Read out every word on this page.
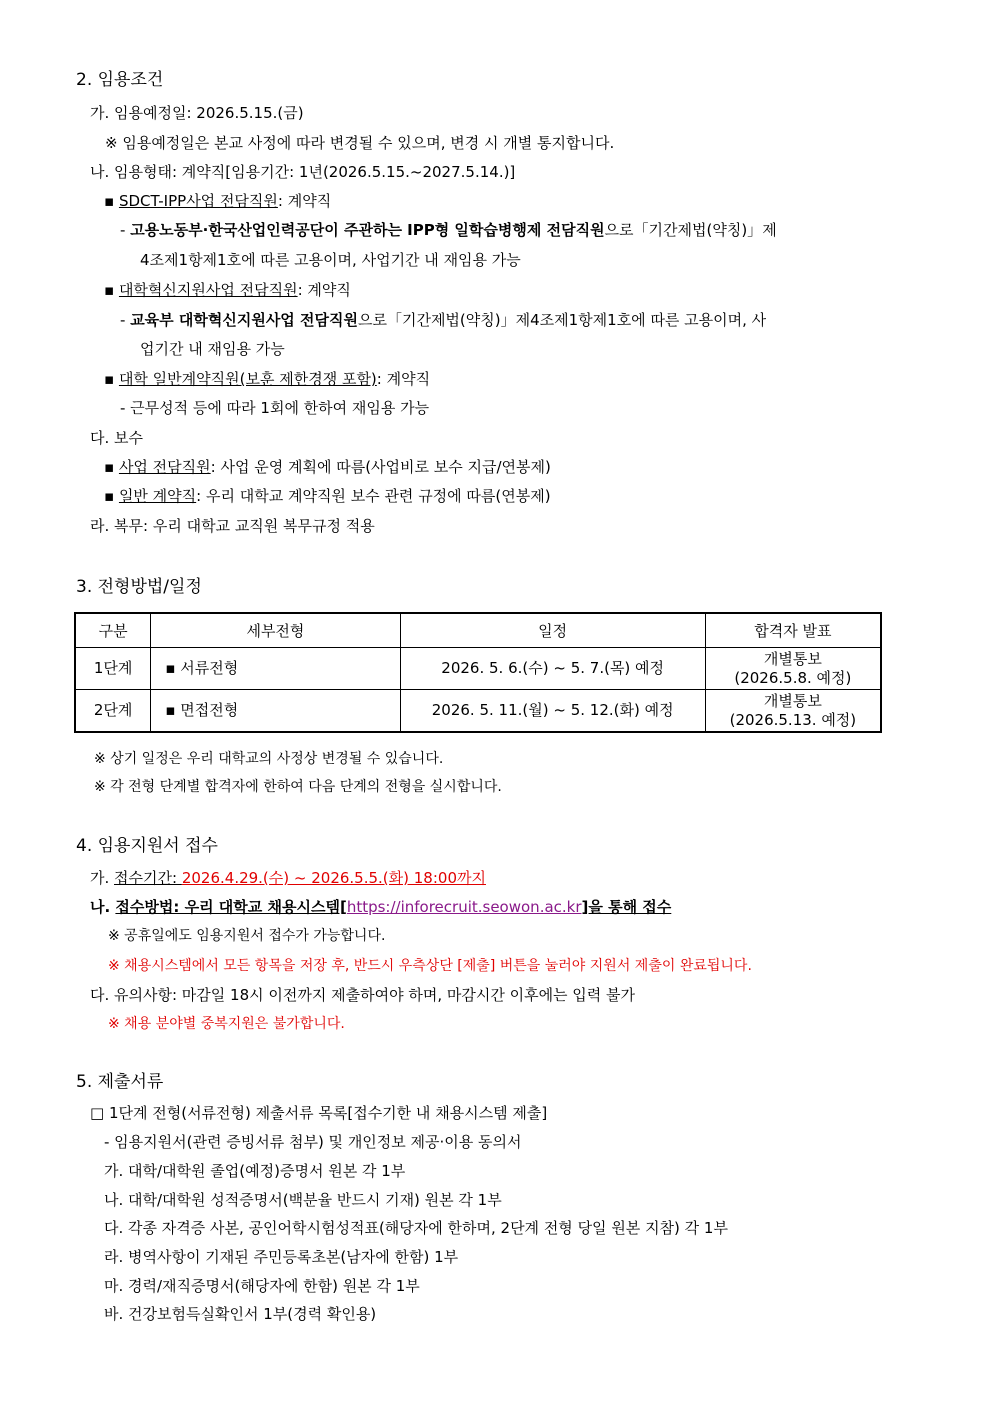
2. 임용조건
가. 임용예정일: 2026.5.15.(금)
※ 임용예정일은 본교 사정에 따라 변경될 수 있으며, 변경 시 개별 통지합니다.
나. 임용형태: 계약직[임용기간: 1년(2026.5.15.~2027.5.14.)]
▪ SDCT-IPP사업 전담직원: 계약직
- 고용노동부·한국산업인력공단이 주관하는 IPP형 일학습병행제 전담직원으로「기간제법(약칭)」제
4조제1항제1호에 따른 고용이며, 사업기간 내 재임용 가능
▪ 대학혁신지원사업 전담직원: 계약직
- 교육부 대학혁신지원사업 전담직원으로「기간제법(약칭)」제4조제1항제1호에 따른 고용이며, 사
업기간 내 재임용 가능
▪ 대학 일반계약직원(보훈 제한경쟁 포함): 계약직
- 근무성적 등에 따라 1회에 한하여 재임용 가능
다. 보수
▪ 사업 전담직원: 사업 운영 계획에 따름(사업비로 보수 지급/연봉제)
▪ 일반 계약직: 우리 대학교 계약직원 보수 관련 규정에 따름(연봉제)
라. 복무: 우리 대학교 교직원 복무규정 적용
3. 전형방법/일정
구분	세부전형	일정	합격자 발표
1단계	▪ 서류전형	2026. 5. 6.(수) ~ 5. 7.(목) 예정	개별통보
(2026.5.8. 예정)

2단계	▪ 면접전형	2026. 5. 11.(월) ~ 5. 12.(화) 예정	개별통보
(2026.5.13. 예정)
※ 상기 일정은 우리 대학교의 사정상 변경될 수 있습니다.
※ 각 전형 단계별 합격자에 한하여 다음 단계의 전형을 실시합니다.
4. 임용지원서 접수
가. 접수기간: 2026.4.29.(수) ~ 2026.5.5.(화) 18:00까지
나. 접수방법: 우리 대학교 채용시스템[https://inforecruit.seowon.ac.kr]을 통해 접수
※ 공휴일에도 임용지원서 접수가 가능합니다.
※ 채용시스템에서 모든 항목을 저장 후, 반드시 우측상단 [제출] 버튼을 눌러야 지원서 제출이 완료됩니다.
다. 유의사항: 마감일 18시 이전까지 제출하여야 하며, 마감시간 이후에는 입력 불가
※ 채용 분야별 중복지원은 불가합니다.
5. 제출서류
□ 1단계 전형(서류전형) 제출서류 목록[접수기한 내 채용시스템 제출]
- 임용지원서(관련 증빙서류 첨부) 및 개인정보 제공·이용 동의서
가. 대학/대학원 졸업(예정)증명서 원본 각 1부
나. 대학/대학원 성적증명서(백분율 반드시 기재) 원본 각 1부
다. 각종 자격증 사본, 공인어학시험성적표(해당자에 한하며, 2단계 전형 당일 원본 지참) 각 1부
라. 병역사항이 기재된 주민등록초본(남자에 한함) 1부
마. 경력/재직증명서(해당자에 한함) 원본 각 1부
바. 건강보험득실확인서 1부(경력 확인용)
